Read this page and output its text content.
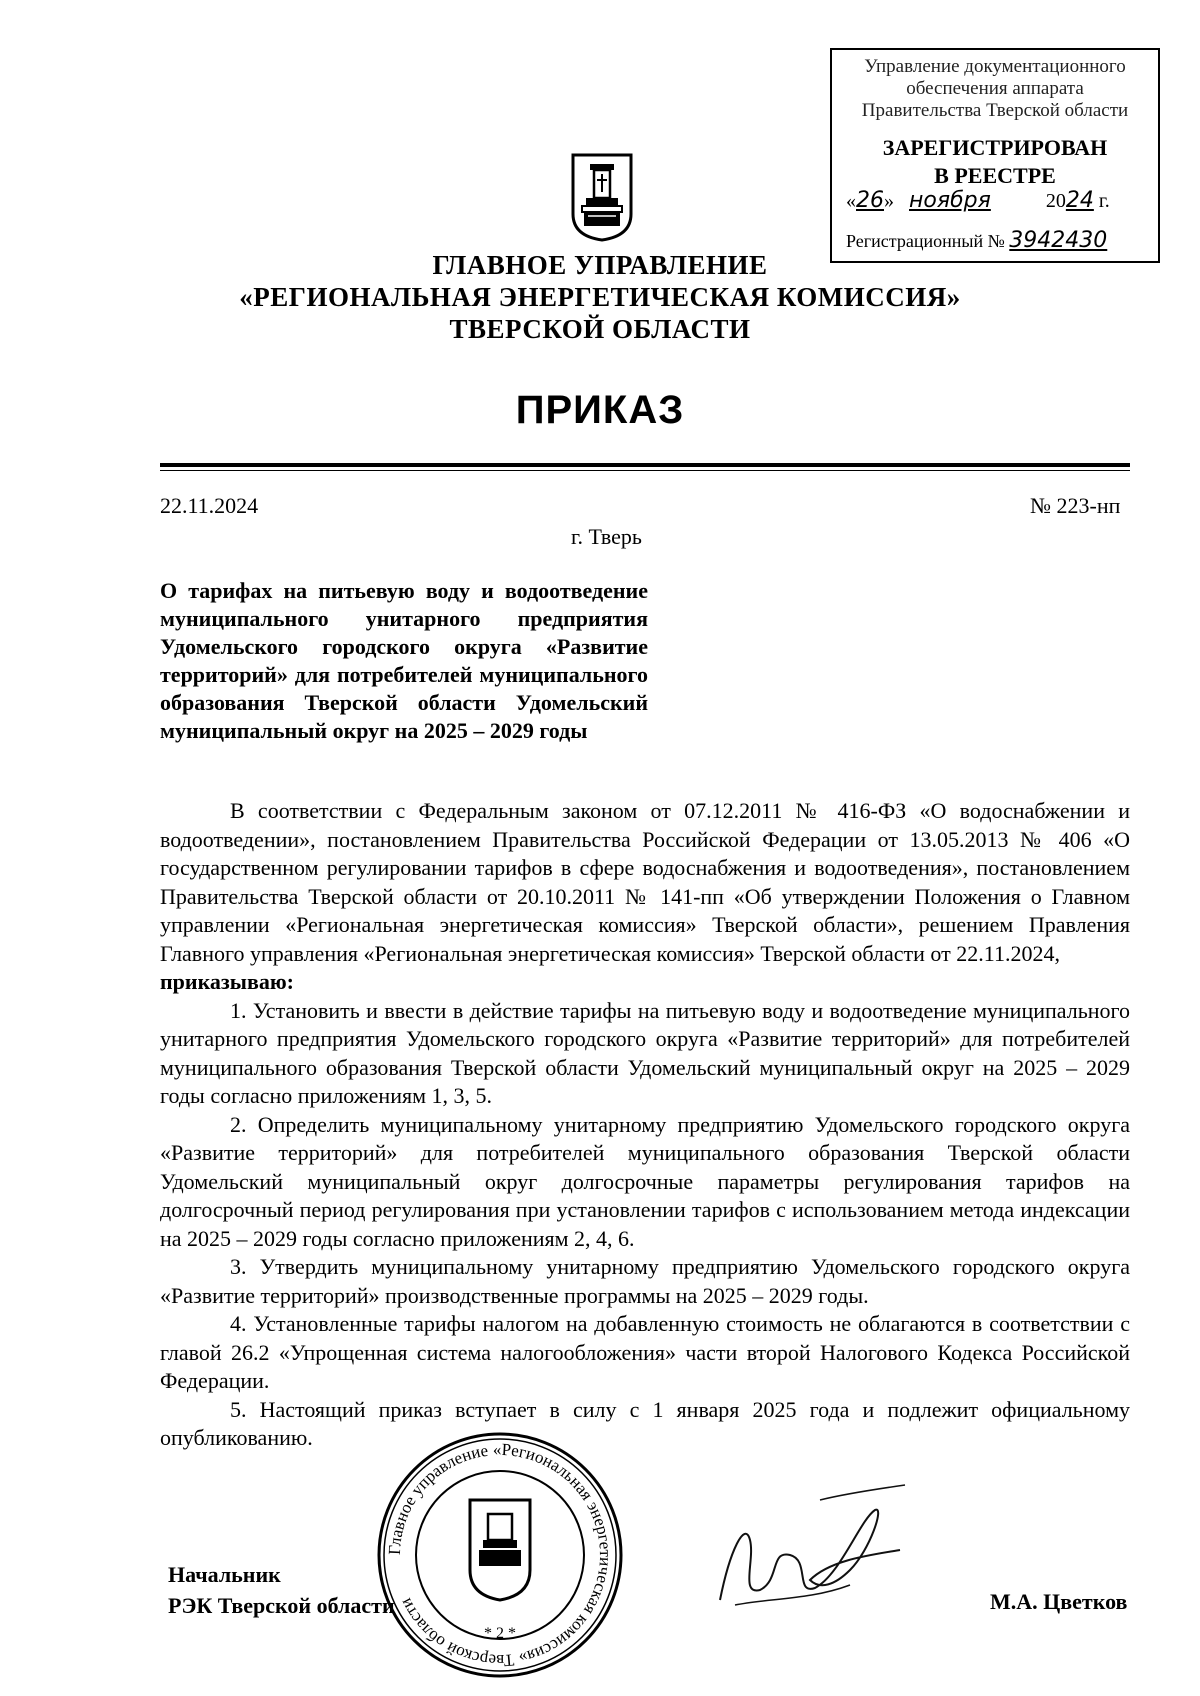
Управление документационного
обеспечения аппарата
Правительства Тверской области
ЗАРЕГИСТРИРОВАН
В РЕЕСТРЕ
«26» ноября	2024 г.
Регистрационный № 3942430
ГЛАВНОЕ УПРАВЛЕНИЕ
«РЕГИОНАЛЬНАЯ ЭНЕРГЕТИЧЕСКАЯ КОМИССИЯ»
ТВЕРСКОЙ ОБЛАСТИ
ПРИКАЗ
22.11.2024	№ 223-нп
г. Тверь
О тарифах на питьевую воду и водоотведение муниципального унитарного предприятия Удомельского городского округа «Развитие территорий» для потребителей муниципального образования Тверской области Удомельский муниципальный округ на 2025 – 2029 годы

В соответствии с Федеральным законом от 07.12.2011 № 416-ФЗ «О водоснабжении и водоотведении», постановлением Правительства Российской Федерации от 13.05.2013 № 406 «О государственном регулировании тарифов в сфере водоснабжения и водоотведения», постановлением Правительства Тверской области от 20.10.2011 № 141-пп «Об утверждении Положения о Главном управлении «Региональная энергетическая комиссия» Тверской области», решением Правления Главного управления «Региональная энергетическая комиссия» Тверской области от 22.11.2024,

приказываю:

1. Установить и ввести в действие тарифы на питьевую воду и водоотведение муниципального унитарного предприятия Удомельского городского округа «Развитие территорий» для потребителей муниципального образования Тверской области Удомельский муниципальный округ на 2025 – 2029 годы согласно приложениям 1, 3, 5.

2. Определить муниципальному унитарному предприятию Удомельского городского округа «Развитие территорий» для потребителей муниципального образования Тверской области Удомельский муниципальный округ долгосрочные параметры регулирования тарифов на долгосрочный период регулирования при установлении тарифов с использованием метода индексации на 2025 – 2029 годы согласно приложениям 2, 4, 6.

3. Утвердить муниципальному унитарному предприятию Удомельского городского округа «Развитие территорий» производственные программы на 2025 – 2029 годы.

4. Установленные тарифы налогом на добавленную стоимость не облагаются в соответствии с главой 26.2 «Упрощенная система налогообложения» части второй Налогового Кодекса Российской Федерации.

5. Настоящий приказ вступает в силу с 1 января 2025 года и подлежит официальному опубликованию.

Начальник
РЭК Тверской области	М.А. Цветков
Главное управление «Региональная энергетическая комиссия» Тверской области
* 2 *
